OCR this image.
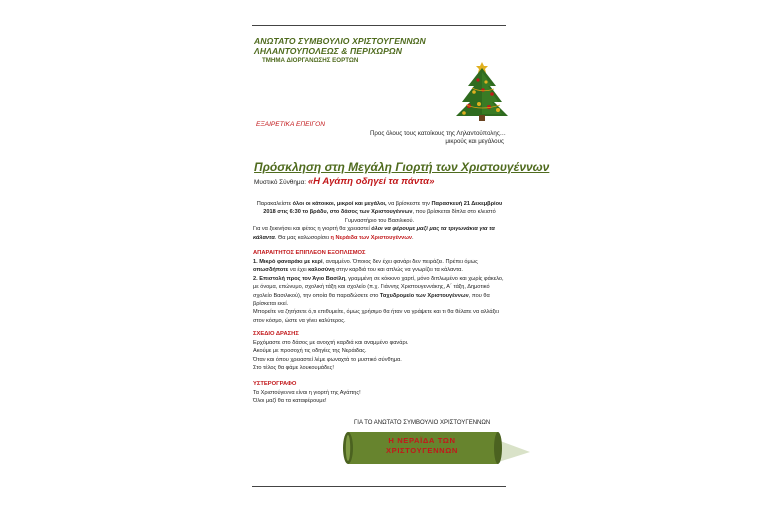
ΑΝΩΤΑΤΟ ΣΥΜΒΟΥΛΙΟ ΧΡΙΣΤΟΥΓΕΝΝΩΝ
ΛΗΛΑΝΤΟΥΠΟΛΕΩΣ & ΠΕΡΙΧΩΡΩΝ
ΤΜΗΜΑ ΔΙΟΡΓΑΝΩΣΗΣ ΕΟΡΤΩΝ
ΕΞΑΙΡΕΤΙΚΑ ΕΠΕΙΓΟΝ
Προς όλους τους κατοίκους της Ληλαντούπολης…
μικρούς και μεγάλους
Πρόσκληση στη Μεγάλη Γιορτή των Χριστουγέννων
Μυστικό Σύνθημα: «Η Αγάπη οδηγεί τα πάντα»

Παρακαλείστε όλοι οι κάτοικοι, μικροί και μεγάλοι, να βρίσκεστε την Παρασκευή 21 Δεκεμβρίου 2018 στις 6:30 το βράδυ, στο δάσος των Χριστουγέννων, που βρίσκεται δίπλα στο κλειστό Γυμναστήριο του Βασιλικού.

Για να ξεκινήσει και φέτος η γιορτή θα χρειαστεί όλοι να φέρουμε μαζί μας τα τριγωνάκια για τα κάλαντα. Θα μας καλωσορίσει η Νεράιδα των Χριστουγέννων.

ΑΠΑΡΑΙΤΗΤΟΣ ΕΠΙΠΛΕΟΝ ΕΞΟΠΛΙΣΜΟΣ

1. Μικρό φαναράκι με κερί, αναμμένο. Όποιος δεν έχει φανάρι δεν πειράζει. Πρέπει όμως οπωσδήποτε να έχει καλοσύνη στην καρδιά του και απλώς να γνωρίζει τα κάλαντα.

2. Επιστολή προς τον Άγιο Βασίλη, γραμμένη σε κόκκινο χαρτί, μόνο διπλωμένο και χωρίς φάκελο, με όνομα, επώνυμο, σχολική τάξη και σχολείο (π.χ. Γιάννης Χριστουγεννάκης, Α΄ τάξη, Δημοτικό σχολείο Βασιλικού), την οποία θα παραδώσετε στο Ταχυδρομείο των Χριστουγέννων, που θα βρίσκεται εκεί.

Μπορείτε να ζητήσετε ό,τι επιθυμείτε, όμως χρήσιμο θα ήταν να γράψετε και τι θα θέλατε να αλλάξει στον κόσμο, ώστε να γίνει καλύτερος.

ΣΧΕΔΙΟ ΔΡΑΣΗΣ

Ερχόμαστε στο δάσος με ανοιχτή καρδιά και αναμμένο φανάρι.

Ακούμε με προσοχή τις οδηγίες της Νεράιδας.

Όταν και όπου χρειαστεί λέμε φωναχτά το μυστικό σύνθημα.

Στο τέλος θα φάμε λουκουμάδες!

ΥΣΤΕΡΟΓΡΑΦΟ

Τα Χριστούγεννα είναι η γιορτή της Αγάπης!

Όλοι μαζί θα τα καταφέρουμε!

ΓΙΑ ΤΟ ΑΝΩΤΑΤΟ ΣΥΜΒΟΥΛΙΟ ΧΡΙΣΤΟΥΓΕΝΝΩΝ
Η ΝΕΡΑΪΔΑ ΤΩΝ
ΧΡΙΣΤΟΥΓΕΝΝΩΝ
